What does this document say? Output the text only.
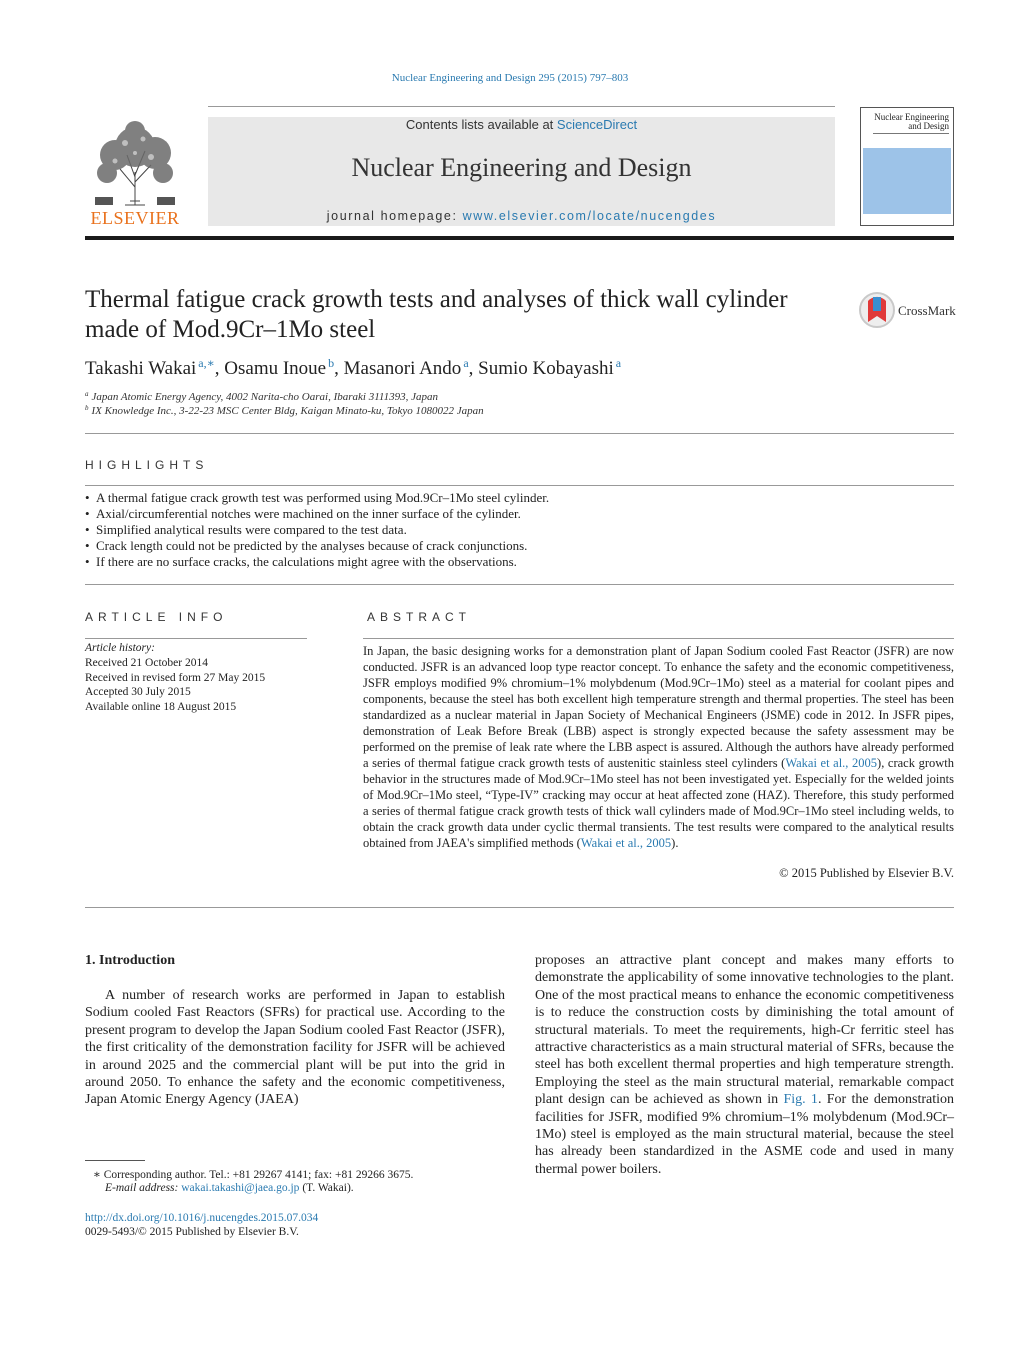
Nuclear Engineering and Design 295 (2015) 797–803
ELSEVIER
Contents lists available at ScienceDirect
Nuclear Engineering and Design
journal homepage: www.elsevier.com/locate/nucengdes
Nuclear Engineering and Design
Thermal fatigue crack growth tests and analyses of thick wall cylinder made of Mod.9Cr–1Mo steel
CrossMark
Takashi Wakai $^{a,∗}$, Osamu Inoue $^b$, Masanori Ando $^a$, Sumio Kobayashi $^a$
$^a$ Japan Atomic Energy Agency, 4002 Narita-cho Oarai, Ibaraki 3111393, Japan
$^b$ IX Knowledge Inc., 3-22-23 MSC Center Bldg, Kaigan Minato-ku, Tokyo 1080022 Japan
HIGHLIGHTS
• A thermal fatigue crack growth test was performed using Mod.9Cr–1Mo steel cylinder.
• Axial/circumferential notches were machined on the inner surface of the cylinder.
• Simplified analytical results were compared to the test data.
• Crack length could not be predicted by the analyses because of crack conjunctions.
• If there are no surface cracks, the calculations might agree with the observations.
ARTICLE INFO
Article history:
Received 21 October 2014
Received in revised form 27 May 2015
Accepted 30 July 2015
Available online 18 August 2015
ABSTRACT
In Japan, the basic designing works for a demonstration plant of Japan Sodium cooled Fast Reactor (JSFR) are now conducted. JSFR is an advanced loop type reactor concept. To enhance the safety and the economic competitiveness, JSFR employs modified 9% chromium–1% molybdenum (Mod.9Cr–1Mo) steel as a material for coolant pipes and components, because the steel has both excellent high temperature strength and thermal properties. The steel has been standardized as a nuclear material in Japan Society of Mechanical Engineers (JSME) code in 2012. In JSFR pipes, demonstration of Leak Before Break (LBB) aspect is strongly expected because the safety assessment may be performed on the premise of leak rate where the LBB aspect is assured. Although the authors have already performed a series of thermal fatigue crack growth tests of austenitic stainless steel cylinders (Wakai et al., 2005), crack growth behavior in the structures made of Mod.9Cr–1Mo steel has not been investigated yet. Especially for the welded joints of Mod.9Cr–1Mo steel, “Type-IV” cracking may occur at heat affected zone (HAZ). Therefore, this study performed a series of thermal fatigue crack growth tests of thick wall cylinders made of Mod.9Cr–1Mo steel including welds, to obtain the crack growth data under cyclic thermal transients. The test results were compared to the analytical results obtained from JAEA's simplified methods (Wakai et al., 2005).
© 2015 Published by Elsevier B.V.
1. Introduction
A number of research works are performed in Japan to establish Sodium cooled Fast Reactors (SFRs) for practical use. According to the present program to develop the Japan Sodium cooled Fast Reactor (JSFR), the first criticality of the demonstration facility for JSFR will be achieved in around 2025 and the commercial plant will be put into the grid in around 2050. To enhance the safety and the economic competitiveness, Japan Atomic Energy Agency (JAEA)
proposes an attractive plant concept and makes many efforts to demonstrate the applicability of some innovative technologies to the plant. One of the most practical means to enhance the economic competitiveness is to reduce the construction costs by diminishing the total amount of structural materials. To meet the requirements, high-Cr ferritic steel has attractive characteristics as a main structural material of SFRs, because the steel has both excellent thermal properties and high temperature strength. Employing the steel as the main structural material, remarkable compact plant design can be achieved as shown in Fig. 1. For the demonstration facilities for JSFR, modified 9% chromium–1% molybdenum (Mod.9Cr–1Mo) steel is employed as the main structural material, because the steel has already been standardized in the ASME code and used in many thermal power boilers.
∗ Corresponding author. Tel.: +81 29267 4141; fax: +81 29266 3675.
E-mail address: wakai.takashi@jaea.go.jp (T. Wakai).
http://dx.doi.org/10.1016/j.nucengdes.2015.07.034
0029-5493/© 2015 Published by Elsevier B.V.
